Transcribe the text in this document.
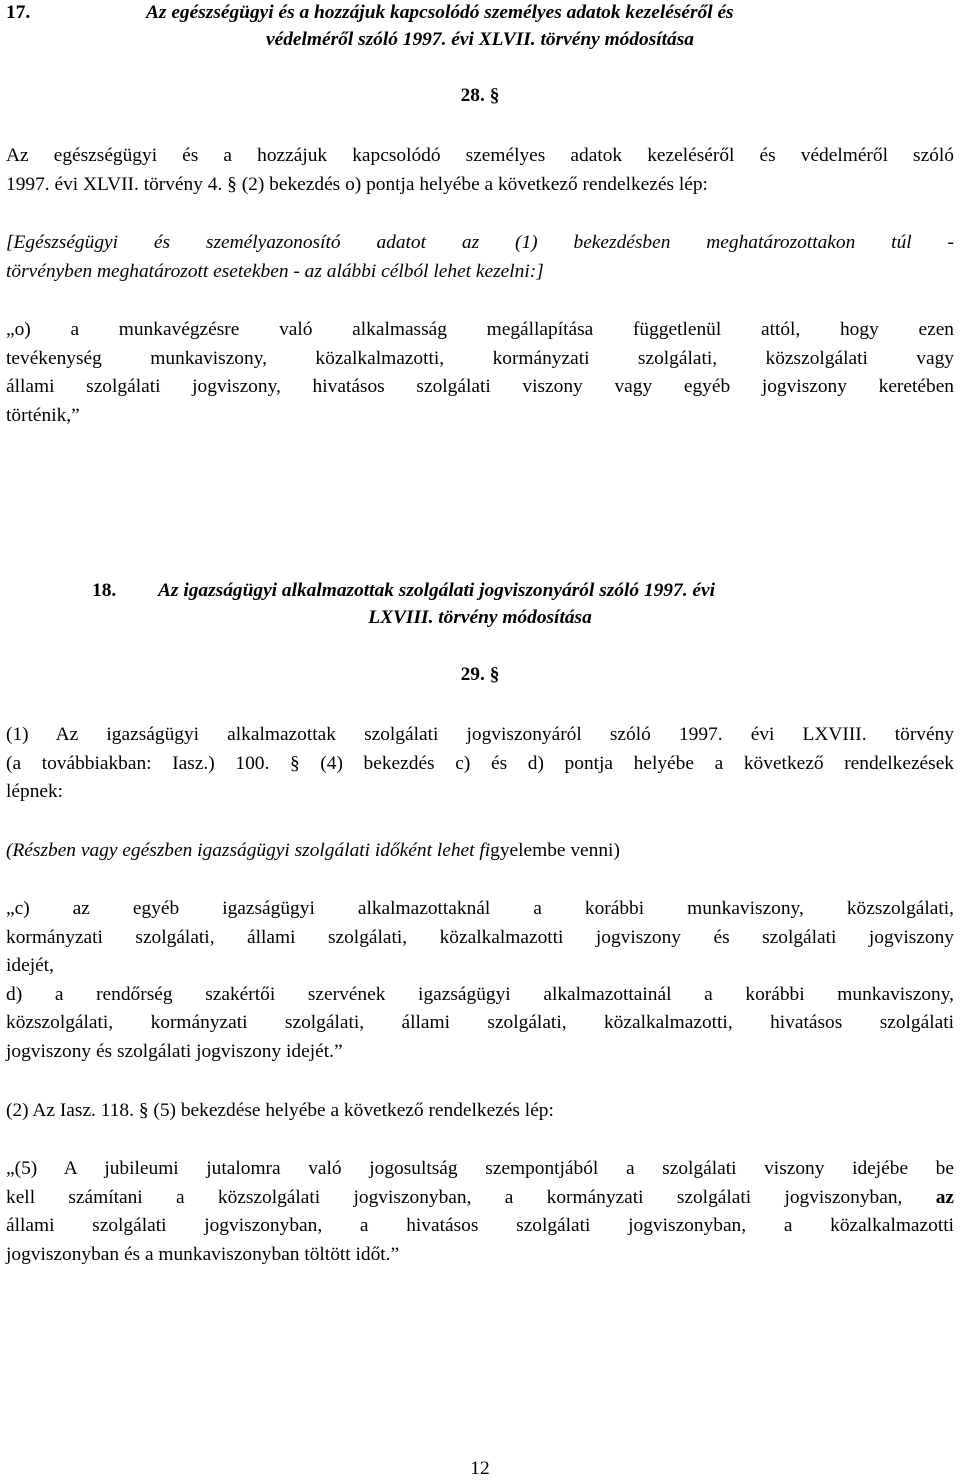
17.	Az egészségügyi és a hozzájuk kapcsolódó személyes adatok kezeléséről és
védelméről szóló 1997. évi XLVII. törvény módosítása
28. §
Az egészségügyi és a hozzájuk kapcsolódó személyes adatok kezeléséről és védelméről szóló
1997. évi XLVII. törvény 4. § (2) bekezdés o) pontja helyébe a következő rendelkezés lép:
[Egészségügyi és személyazonosító adatot az (1) bekezdésben meghatározottakon túl -
törvényben meghatározott esetekben - az alábbi célból lehet kezelni:]
„o) a munkavégzésre való alkalmasság megállapítása függetlenül attól, hogy ezen
tevékenység munkaviszony, közalkalmazotti, kormányzati szolgálati, közszolgálati vagy
állami szolgálati jogviszony, hivatásos szolgálati viszony vagy egyéb jogviszony keretében
történik,”
18. Az igazságügyi alkalmazottak szolgálati jogviszonyáról szóló 1997. évi
LXVIII. törvény módosítása
29. §
(1) Az igazságügyi alkalmazottak szolgálati jogviszonyáról szóló 1997. évi LXVIII. törvény
(a továbbiakban: Iasz.) 100. § (4) bekezdés c) és d) pontja helyébe a következő rendelkezések
lépnek:
(Részben vagy egészben igazságügyi szolgálati időként lehet figyelembe venni)
„c) az egyéb igazságügyi alkalmazottaknál a korábbi munkaviszony, közszolgálati,
kormányzati szolgálati, állami szolgálati, közalkalmazotti jogviszony és szolgálati jogviszony
idejét,
d) a rendőrség szakértői szervének igazságügyi alkalmazottainál a korábbi munkaviszony,
közszolgálati, kormányzati szolgálati, állami szolgálati, közalkalmazotti, hivatásos szolgálati
jogviszony és szolgálati jogviszony idejét.”
(2) Az Iasz. 118. § (5) bekezdése helyébe a következő rendelkezés lép:
„(5) A jubileumi jutalomra való jogosultság szempontjából a szolgálati viszony idejébe be
kell számítani a közszolgálati jogviszonyban, a kormányzati szolgálati jogviszonyban, az
állami szolgálati jogviszonyban, a hivatásos szolgálati jogviszonyban, a közalkalmazotti
jogviszonyban és a munkaviszonyban töltött időt.”
12
